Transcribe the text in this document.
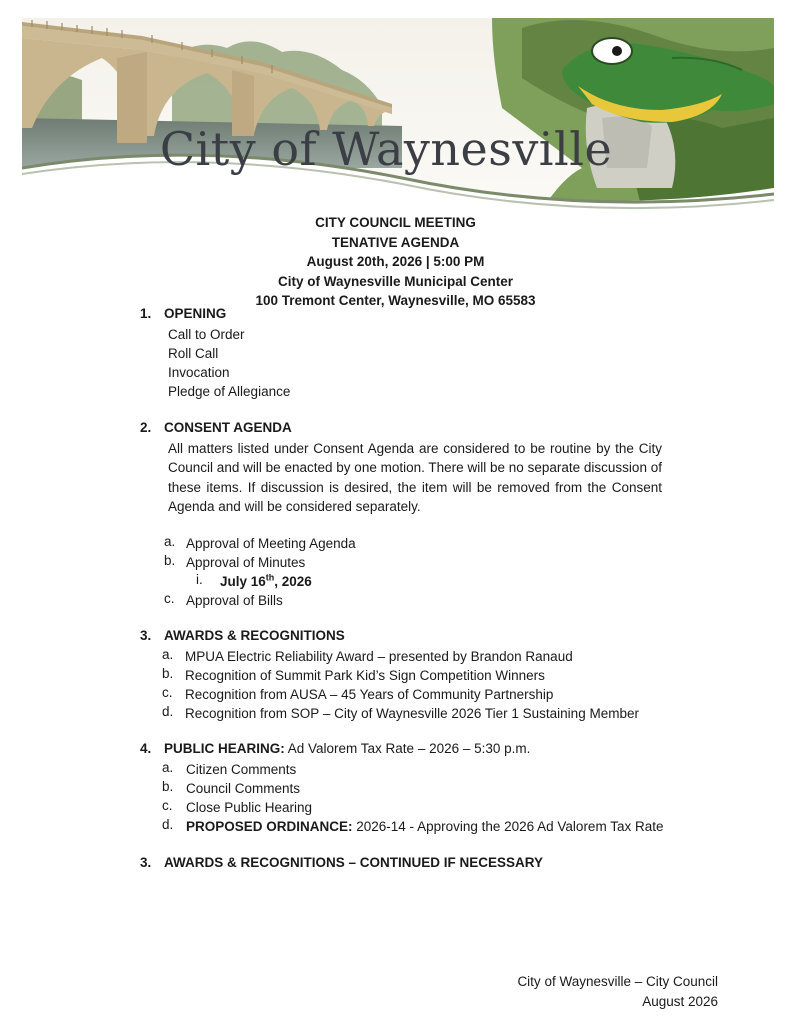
City of Waynesville
CITY COUNCIL MEETING
TENATIVE AGENDA
August 20th, 2026 | 5:00 PM
City of Waynesville Municipal Center
100 Tremont Center, Waynesville, MO 65583
1. OPENING
Call to Order
Roll Call
Invocation
Pledge of Allegiance
2. CONSENT AGENDA
All matters listed under Consent Agenda are considered to be routine by the City Council and will be enacted by one motion. There will be no separate discussion of these items. If discussion is desired, the item will be removed from the Consent Agenda and will be considered separately.
a. Approval of Meeting Agenda
b. Approval of Minutes
i. July 16th, 2026
c. Approval of Bills
3. AWARDS & RECOGNITIONS
a. MPUA Electric Reliability Award – presented by Brandon Ranaud
b. Recognition of Summit Park Kid’s Sign Competition Winners
c. Recognition from AUSA – 45 Years of Community Partnership
d. Recognition from SOP – City of Waynesville 2026 Tier 1 Sustaining Member
4. PUBLIC HEARING: Ad Valorem Tax Rate – 2026 – 5:30 p.m.
a. Citizen Comments
b. Council Comments
c. Close Public Hearing
d. PROPOSED ORDINANCE: 2026-14 - Approving the 2026 Ad Valorem Tax Rate
3. AWARDS & RECOGNITIONS – CONTINUED IF NECESSARY
City of Waynesville – City Council
August 2026
